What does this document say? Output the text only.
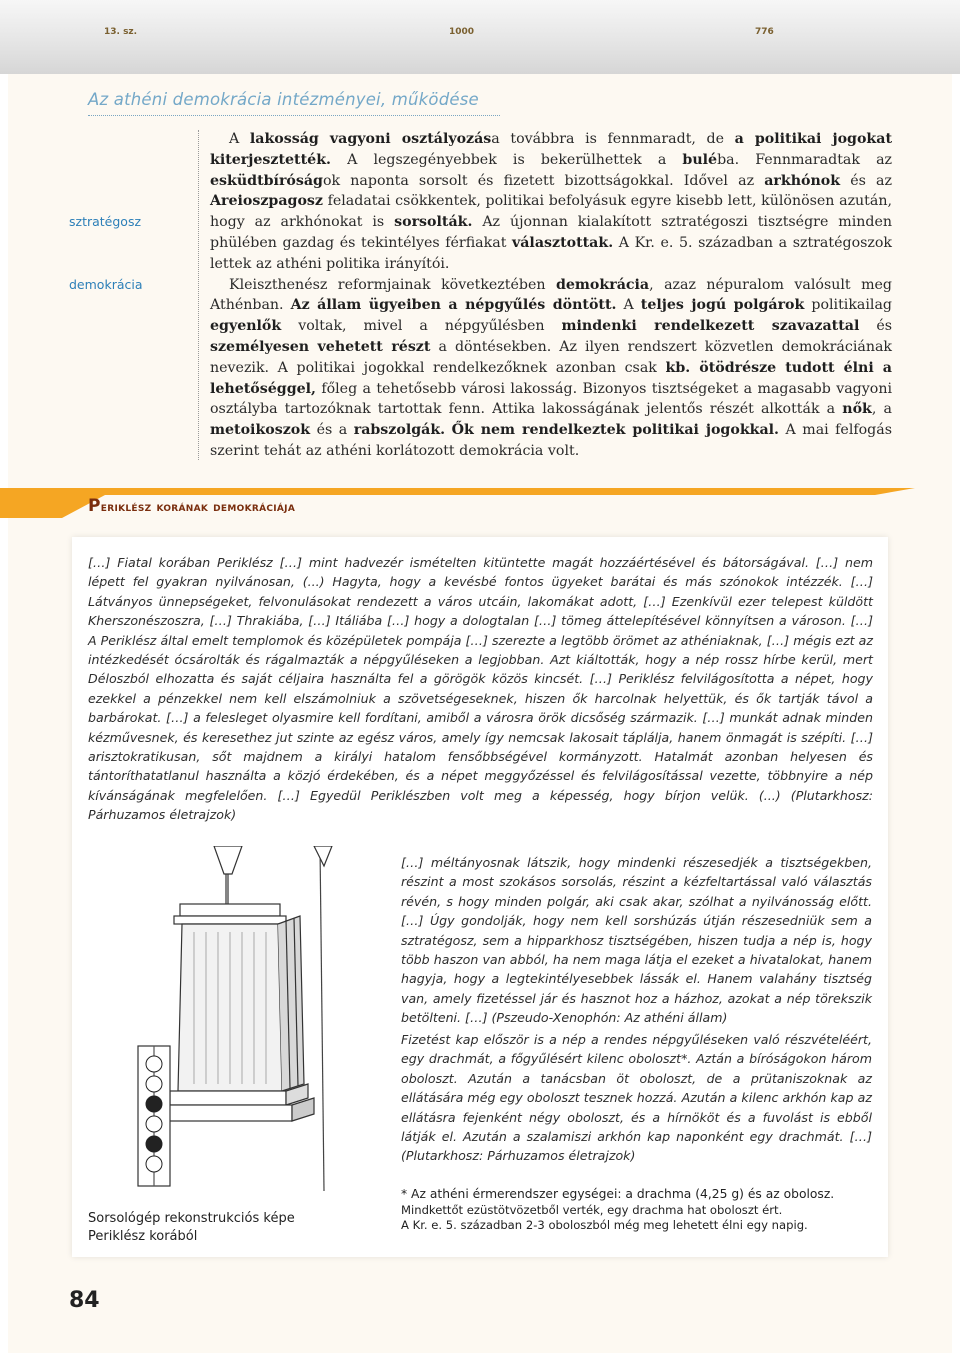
13. sz.	1000	776
Az athéni demokrácia intézményei, működése
sztratégosz
demokrácia

A lakosság vagyoni osztályozása továbbra is fennmaradt, de a politikai jogokat kiterjesztették. A legszegényebbek is bekerülhettek a buléba. Fennmaradtak az esküdtbíróságok naponta sorsolt és fizetett bizottságokkal. Idővel az arkhónok és az Areioszpagosz feladatai csökkentek, politikai befolyásuk egyre kisebb lett, különösen azután, hogy az arkhónokat is sorsolták. Az újonnan kialakított sztratégoszi tisztségre minden phülében gazdag és tekintélyes férfiakat választottak. A Kr. e. 5. században a sztratégoszok lettek az athéni politika irányítói.

Kleiszthenész reformjainak következtében demokrácia, azaz népuralom valósult meg Athénban. Az állam ügyeiben a népgyűlés döntött. A teljes jogú polgárok politikailag egyenlők voltak, mivel a népgyűlésben mindenki rendelkezett szavazattal és személyesen vehetett részt a döntésekben. Az ilyen rendszert közvetlen demokráciának nevezik. A politikai jogokkal rendelkezőknek azonban csak kb. ötödrésze tudott élni a lehetőséggel, főleg a tehetősebb városi lakosság. Bizonyos tisztségeket a magasabb vagyoni osztályba tartozóknak tartottak fenn. Attika lakosságának jelentős részét alkották a nők, a metoikoszok és a rabszolgák. Ők nem rendelkeztek politikai jogokkal. A mai felfogás szerint tehát az athéni korlátozott demokrácia volt.

Periklész korának demokráciája
[…] Fiatal korában Periklész […] mint hadvezér ismételten kitüntette magát hozzáértésével és bátorságával. […] nem lépett fel gyakran nyilvánosan, (...) Hagyta, hogy a kevésbé fontos ügyeket barátai és más szónokok intézzék. […] Látványos ünnepségeket, felvonulásokat rendezett a város utcáin, lakomákat adott, […] Ezenkívül ezer telepest küldött Kherszonészoszra, […] Thrakiába, […] Itáliába […] hogy a dologtalan […] tömeg áttelepítésével könnyítsen a városon. […] A Periklész által emelt templomok és középületek pompája […] szerezte a legtöbb örömet az athéniaknak, […] mégis ezt az intézkedését ócsárolták és rágalmazták a népgyűléseken a legjobban. Azt kiáltották, hogy a nép rossz hírbe kerül, mert Déloszból elhozatta és saját céljaira használta fel a görögök közös kincsét. […] Periklész felvilágosította a népet, hogy ezekkel a pénzekkel nem kell elszámolniuk a szövetségeseknek, hiszen ők harcolnak helyettük, és ők tartják távol a barbárokat. […] a felesleget olyasmire kell fordítani, amiből a városra örök dicsőség származik. […] munkát adnak minden kézművesnek, és keresethez jut szinte az egész város, amely így nemcsak lakosait táplálja, hanem önmagát is szépíti. […] arisztokratikusan, sőt majdnem a királyi hatalom fensőbbségével kormányzott. Hatalmát azonban helyesen és tántoríthatatlanul használta a közjó érdekében, és a népet meggyőzéssel és felvilágosítással vezette, többnyire a nép kívánságának megfelelően. […] Egyedül Periklészben volt meg a képesség, hogy bírjon velük. (...) (Plutarkhosz: Párhuzamos életrajzok)
[…] méltányosnak látszik, hogy mindenki részesedjék a tisztségekben, részint a most szokásos sorsolás, részint a kézfeltartással való választás révén, s hogy minden polgár, aki csak akar, szólhat a nyilvánosság előtt. […] Úgy gondolják, hogy nem kell sorshúzás útján részesedniük sem a sztratégosz, sem a hipparkhosz tisztségében, hiszen tudja a nép is, hogy több haszon van abból, ha nem maga látja el ezeket a hivatalokat, hanem hagyja, hogy a legtekintélyesebbek lássák el. Hanem valahány tisztség van, amely fizetéssel jár és hasznot hoz a házhoz, azokat a nép törekszik betölteni. […] (Pszeudo-Xenophón: Az athéni állam)
Fizetést kap először is a nép a rendes népgyűléseken való részvételéért, egy drachmát, a főgyűlésért kilenc oboloszt*. Aztán a bíróságokon három oboloszt. Azután a tanácsban öt oboloszt, de a prütaniszoknak az ellátására még egy oboloszt tesznek hozzá. Azután a kilenc arkhón kap az ellátásra fejenként négy oboloszt, és a hírnököt és a fuvolást is ebből látják el. Azután a szalamiszi arkhón kap naponként egy drachmát. […] (Plutarkhosz: Párhuzamos életrajzok)
Sorsológép rekonstrukciós képe
Periklész korából
* Az athéni érmerendszer egységei: a drachma (4,25 g) és az obolosz.
Mindkettőt ezüstötvözetből verték, egy drachma hat oboloszt ért.
A Kr. e. 5. században 2-3 oboloszból még meg lehetett élni egy napig.
84
